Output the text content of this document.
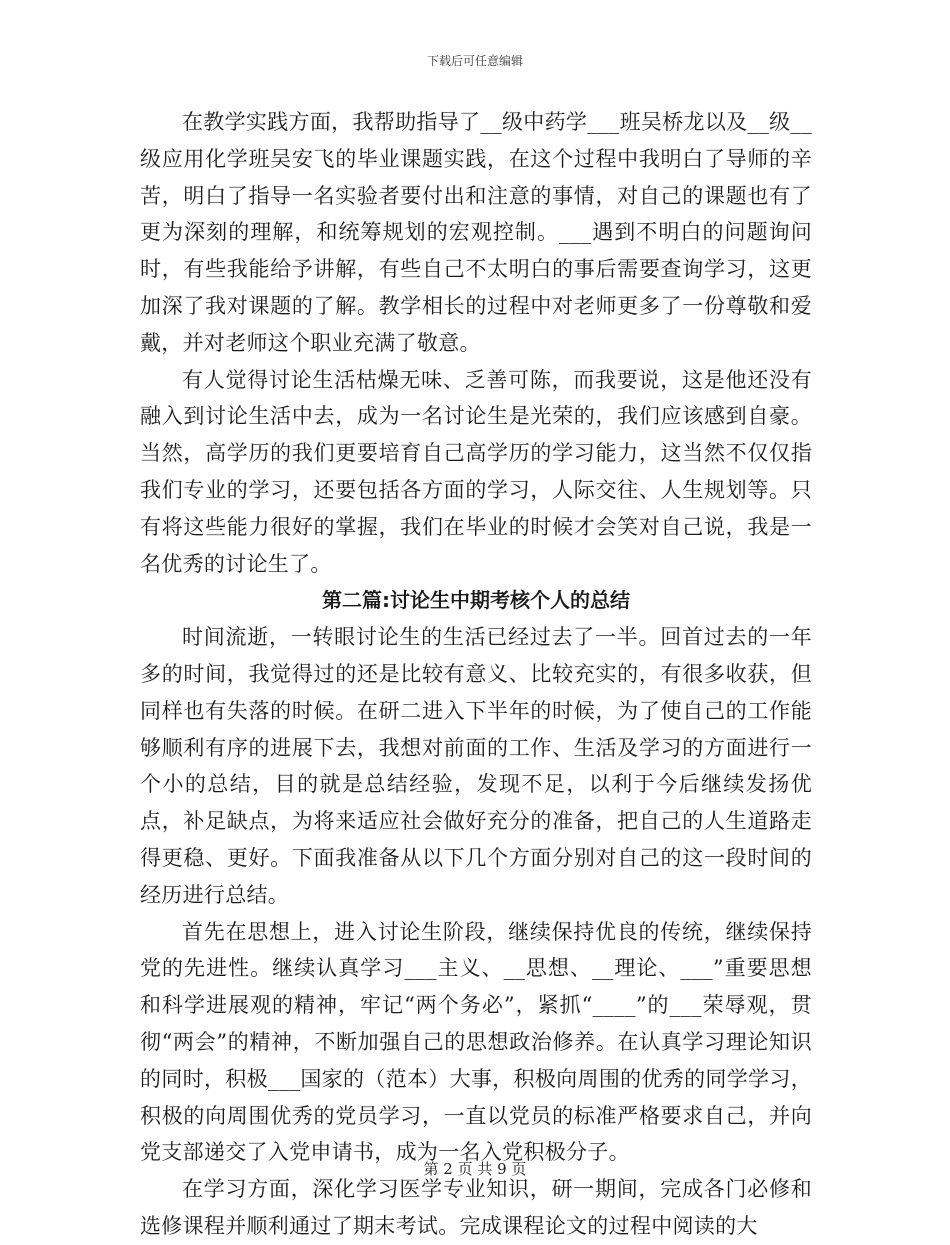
下载后可任意编辑

在教学实践方面，我帮助指导了__级中药学___班吴桥龙以及__级__级应用化学班吴安飞的毕业课题实践，在这个过程中我明白了导师的辛苦，明白了指导一名实验者要付出和注意的事情，对自己的课题也有了更为深刻的理解，和统筹规划的宏观控制。___遇到不明白的问题询问时，有些我能给予讲解，有些自己不太明白的事后需要查询学习，这更加深了我对课题的了解。教学相长的过程中对老师更多了一份尊敬和爱戴，并对老师这个职业充满了敬意。

有人觉得讨论生活枯燥无味、乏善可陈，而我要说，这是他还没有融入到讨论生活中去，成为一名讨论生是光荣的，我们应该感到自豪。当然，高学历的我们更要培育自己高学历的学习能力，这当然不仅仅指我们专业的学习，还要包括各方面的学习，人际交往、人生规划等。只有将这些能力很好的掌握，我们在毕业的时候才会笑对自己说，我是一名优秀的讨论生了。

第二篇:讨论生中期考核个人的总结

时间流逝，一转眼讨论生的生活已经过去了一半。回首过去的一年多的时间，我觉得过的还是比较有意义、比较充实的，有很多收获，但同样也有失落的时候。在研二进入下半年的时候，为了使自己的工作能够顺利有序的进展下去，我想对前面的工作、生活及学习的方面进行一个小的总结，目的就是总结经验，发现不足，以利于今后继续发扬优点，补足缺点，为将来适应社会做好充分的准备，把自己的人生道路走得更稳、更好。下面我准备从以下几个方面分别对自己的这一段时间的经历进行总结。

首先在思想上，进入讨论生阶段，继续保持优良的传统，继续保持党的先进性。继续认真学习___主义、__思想、__理论、___”重要思想和科学进展观的精神，牢记“两个务必”，紧抓“____”的___荣辱观，贯彻“两会”的精神，不断加强自己的思想政治修养。在认真学习理论知识的同时，积极___国家的（范本）大事，积极向周围的优秀的同学学习，积极的向周围优秀的党员学习，一直以党员的标准严格要求自己，并向党支部递交了入党申请书，成为一名入党积极分子。

在学习方面，深化学习医学专业知识，研一期间，完成各门必修和选修课程并顺利通过了期末考试。完成课程论文的过程中阅读的大

第 2 页 共 9 页
